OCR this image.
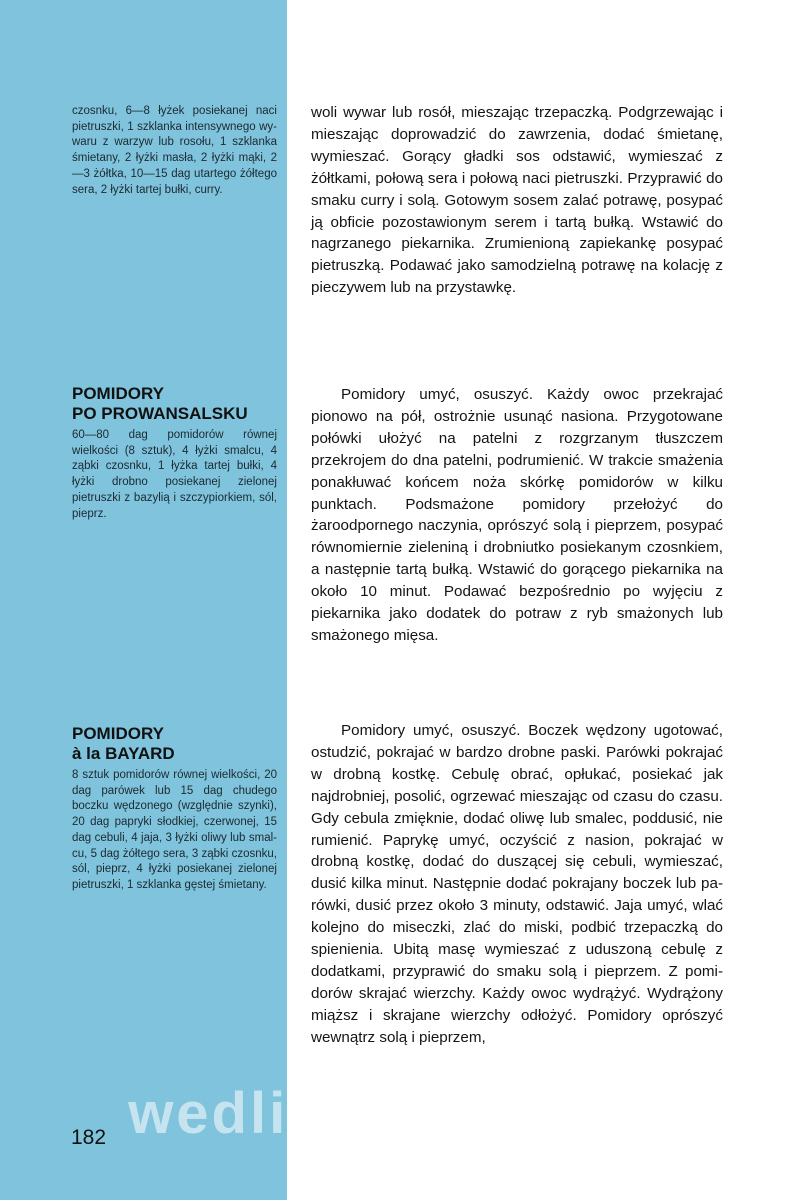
czosnku, 6—8 łyżek posiekanej naci pietruszki, 1 szklanka intensywnego wywaru z warzyw lub rosołu, 1 szklanka śmietany, 2 łyżki masła, 2 łyżki mąki, 2—3 żółtka, 10—15 dag utartego żółtego sera, 2 łyżki tartej bułki, curry.
woli wywar lub rosół, mieszając trzepaczką. Podgrzewając i mieszając doprowadzić do zawrzenia, dodać śmietanę, wymieszać. Gorący gładki sos odstawić, wymieszać z żółtkami, połową sera i połową naci pietruszki. Przyprawić do smaku curry i solą. Gotowym sosem zalać potrawę, posypać ją obficie pozostawionym serem i tartą bułką. Wstawić do nagrzanego piekarnika. Zrumienioną zapiekankę posypać pietruszką. Podawać jako samodzielną potrawę na kolację z pieczywem lub na przystawkę.
POMIDORY
PO PROWANSALSKU
60—80 dag pomidorów równej wielkości (8 sztuk), 4 łyżki smalcu, 4 ząbki czosnku, 1 łyżka tartej bułki, 4 łyżki drobno posiekanej zielonej pietruszki z bazylią i szczypiorkiem, sól, pieprz.
Pomidory umyć, osuszyć. Każdy owoc przekrajać pionowo na pół, ostrożnie usunąć nasiona. Przygotowane połówki ułożyć na patelni z rozgrzanym tłuszczem przekrojem do dna patelni, podrumienić. W trakcie smażenia ponakłuwać końcem noża skórkę pomidorów w kilku punktach. Podsmażone pomidory przełożyć do żaroodpornego naczynia, oprószyć solą i pieprzem, posypać równomiernie zieleniną i drobniutko posiekanym czosnkiem, a następnie tartą bułką. Wstawić do gorącego piekarnika na około 10 minut. Podawać bezpośrednio po wyjęciu z piekarnika jako dodatek do potraw z ryb smażonych lub smażonego mięsa.
POMIDORY
à la BAYARD
8 sztuk pomidorów równej wielkości, 20 dag parówek lub 15 dag chudego boczku wędzonego (względnie szynki), 20 dag papryki słodkiej, czerwonej, 15 dag cebuli, 4 jaja, 3 łyżki oliwy lub smalcu, 5 dag żółtego sera, 3 ząbki czosnku, sól, pieprz, 4 łyżki posiekanej zielonej pietruszki, 1 szklanka gęstej śmietany.
Pomidory umyć, osuszyć. Boczek wędzony ugotować, ostudzić, pokrajać w bardzo drobne paski. Parówki pokrajać w drobną kostkę. Cebulę obrać, opłukać, posiekać jak najdrobniej, posolić, ogrzewać mieszając od czasu do czasu. Gdy cebula zmięknie, dodać oliwę lub smalec, poddusić, nie rumienić. Paprykę umyć, oczyścić z nasion, pokrajać w drobną kostkę, dodać do duszącej się cebuli, wymieszać, dusić kilka minut. Następnie dodać pokrajany boczek lub parówki, dusić przez około 3 minuty, odstawić. Jaja umyć, wlać kolejno do miseczki, zlać do miski, podbić trzepaczką do spienienia. Ubitą masę wymieszać z uduszoną cebulę z dodatkami, przyprawić do smaku solą i pieprzem. Z pomidorów skrajać wierzchy. Każdy owoc wydrążyć. Wydrążony miąższ i skrajane wierzchy odłożyć. Pomidory oprószyć wewnątrz solą i pieprzem,
wedlinydomowe.pl
182
